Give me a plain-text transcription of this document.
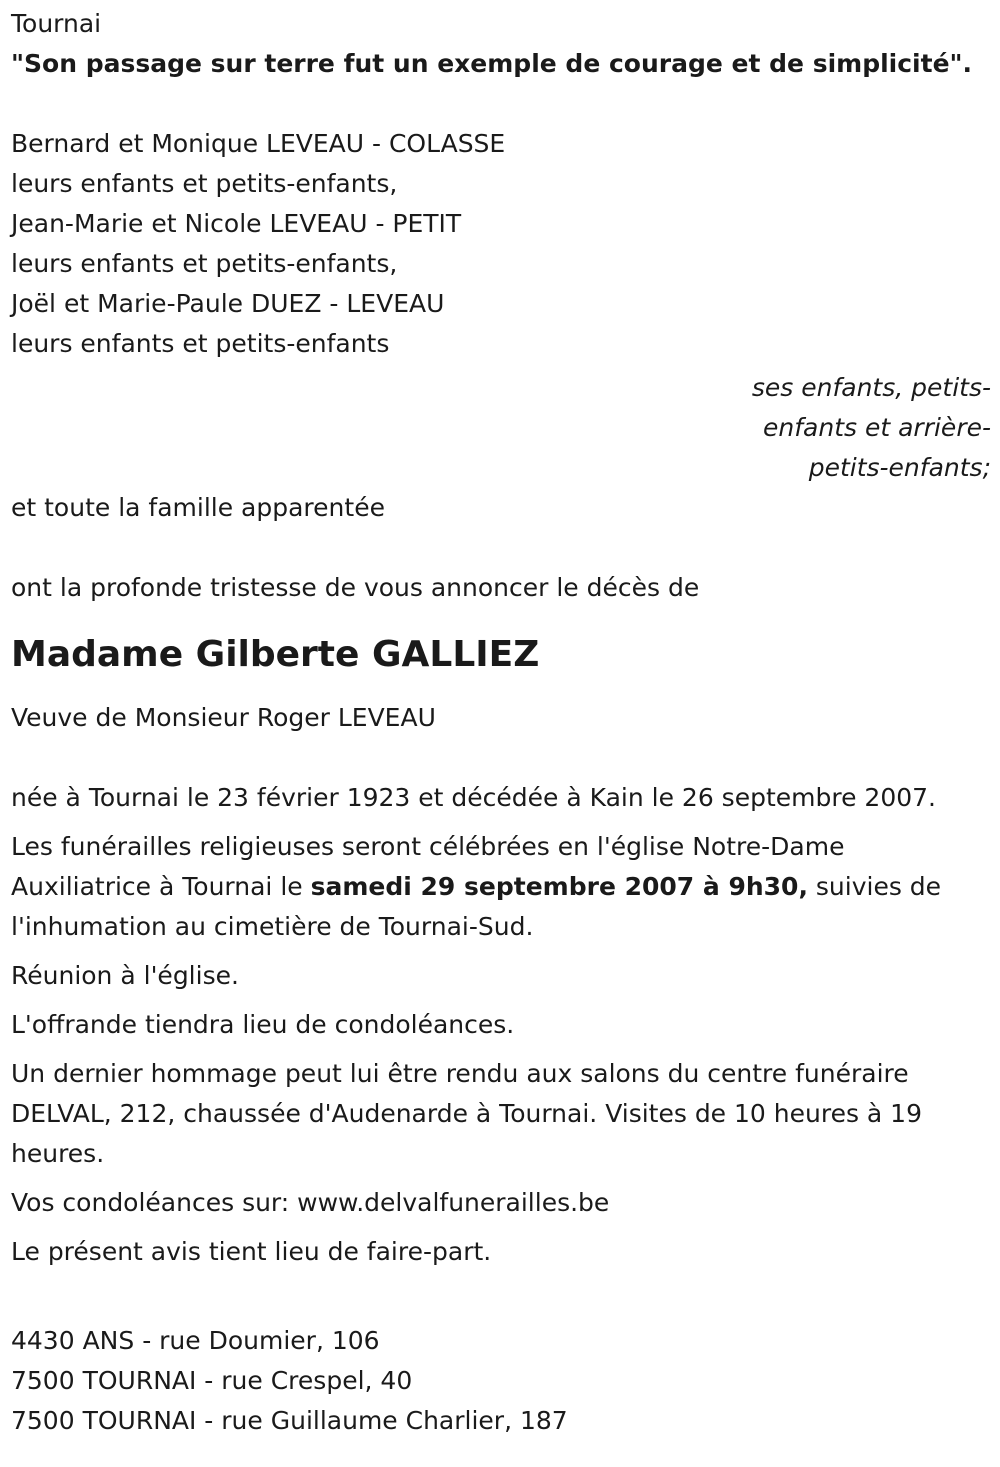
Tournai
"Son passage sur terre fut un exemple de courage et de simplicité".
Bernard et Monique LEVEAU - COLASSE
leurs enfants et petits-enfants,
Jean-Marie et Nicole LEVEAU - PETIT
leurs enfants et petits-enfants,
Joël et Marie-Paule DUEZ - LEVEAU
leurs enfants et petits-enfants
ses enfants, petits-
enfants et arrière-
petits-enfants;
et toute la famille apparentée
ont la profonde tristesse de vous annoncer le décès de
Madame Gilberte GALLIEZ
Veuve de Monsieur Roger LEVEAU
née à Tournai le 23 février 1923 et décédée à Kain le 26 septembre 2007.

Les funérailles religieuses seront célébrées en l'église Notre-Dame Auxiliatrice à Tournai le samedi 29 septembre 2007 à 9h30, suivies de l'inhumation au cimetière de Tournai-Sud.

Réunion à l'église.

L'offrande tiendra lieu de condoléances.

Un dernier hommage peut lui être rendu aux salons du centre funéraire DELVAL, 212, chaussée d'Audenarde à Tournai. Visites de 10 heures à 19 heures.

Vos condoléances sur: www.delvalfunerailles.be

Le présent avis tient lieu de faire-part.

4430 ANS - rue Doumier, 106
7500 TOURNAI - rue Crespel, 40
7500 TOURNAI - rue Guillaume Charlier, 187
